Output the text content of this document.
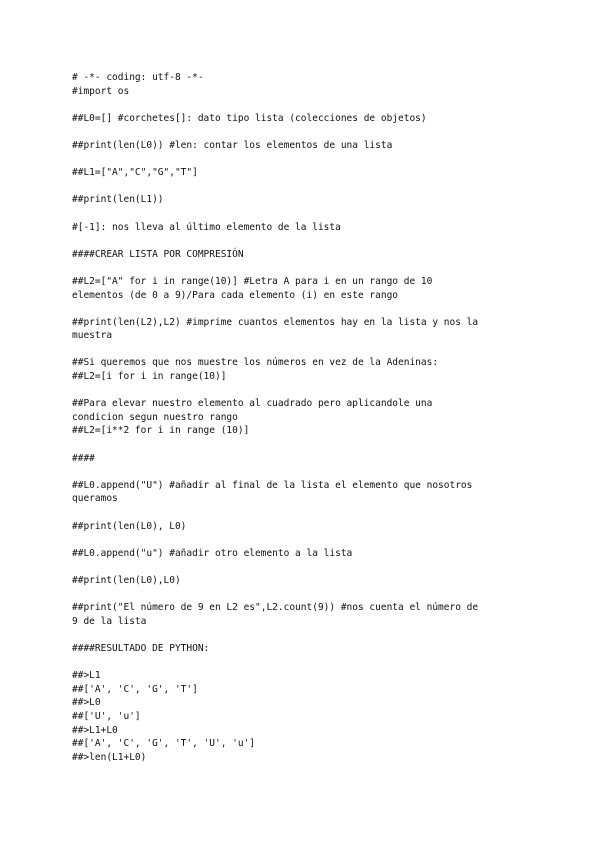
# -*- coding: utf-8 -*-
#import os
##L0=[] #corchetes[]: dato tipo lista (colecciones de objetos)
##print(len(L0)) #len: contar los elementos de una lista
##L1=["A","C","G","T"]
##print(len(L1))
#[-1]: nos lleva al último elemento de la lista
####CREAR LISTA POR COMPRESIÓN
##L2=["A" for i in range(10)] #Letra A para i en un rango de 10
elementos (de 0 a 9)/Para cada elemento (i) en este rango
##print(len(L2),L2) #imprime cuantos elementos hay en la lista y nos la
muestra
##Si queremos que nos muestre los números en vez de la Adeninas:
##L2=[i for i in range(10)]
##Para elevar nuestro elemento al cuadrado pero aplicandole una
condicion segun nuestro rango
##L2=[i**2 for i in range (10)]
####
##L0.append("U") #añadir al final de la lista el elemento que nosotros
queramos
##print(len(L0), L0)
##L0.append("u") #añadir otro elemento a la lista
##print(len(L0),L0)
##print("El número de 9 en L2 es",L2.count(9)) #nos cuenta el número de
9 de la lista
####RESULTADO DE PYTHON:
##>L1
##['A', 'C', 'G', 'T']
##>L0
##['U', 'u']
##>L1+L0
##['A', 'C', 'G', 'T', 'U', 'u']
##>len(L1+L0)
